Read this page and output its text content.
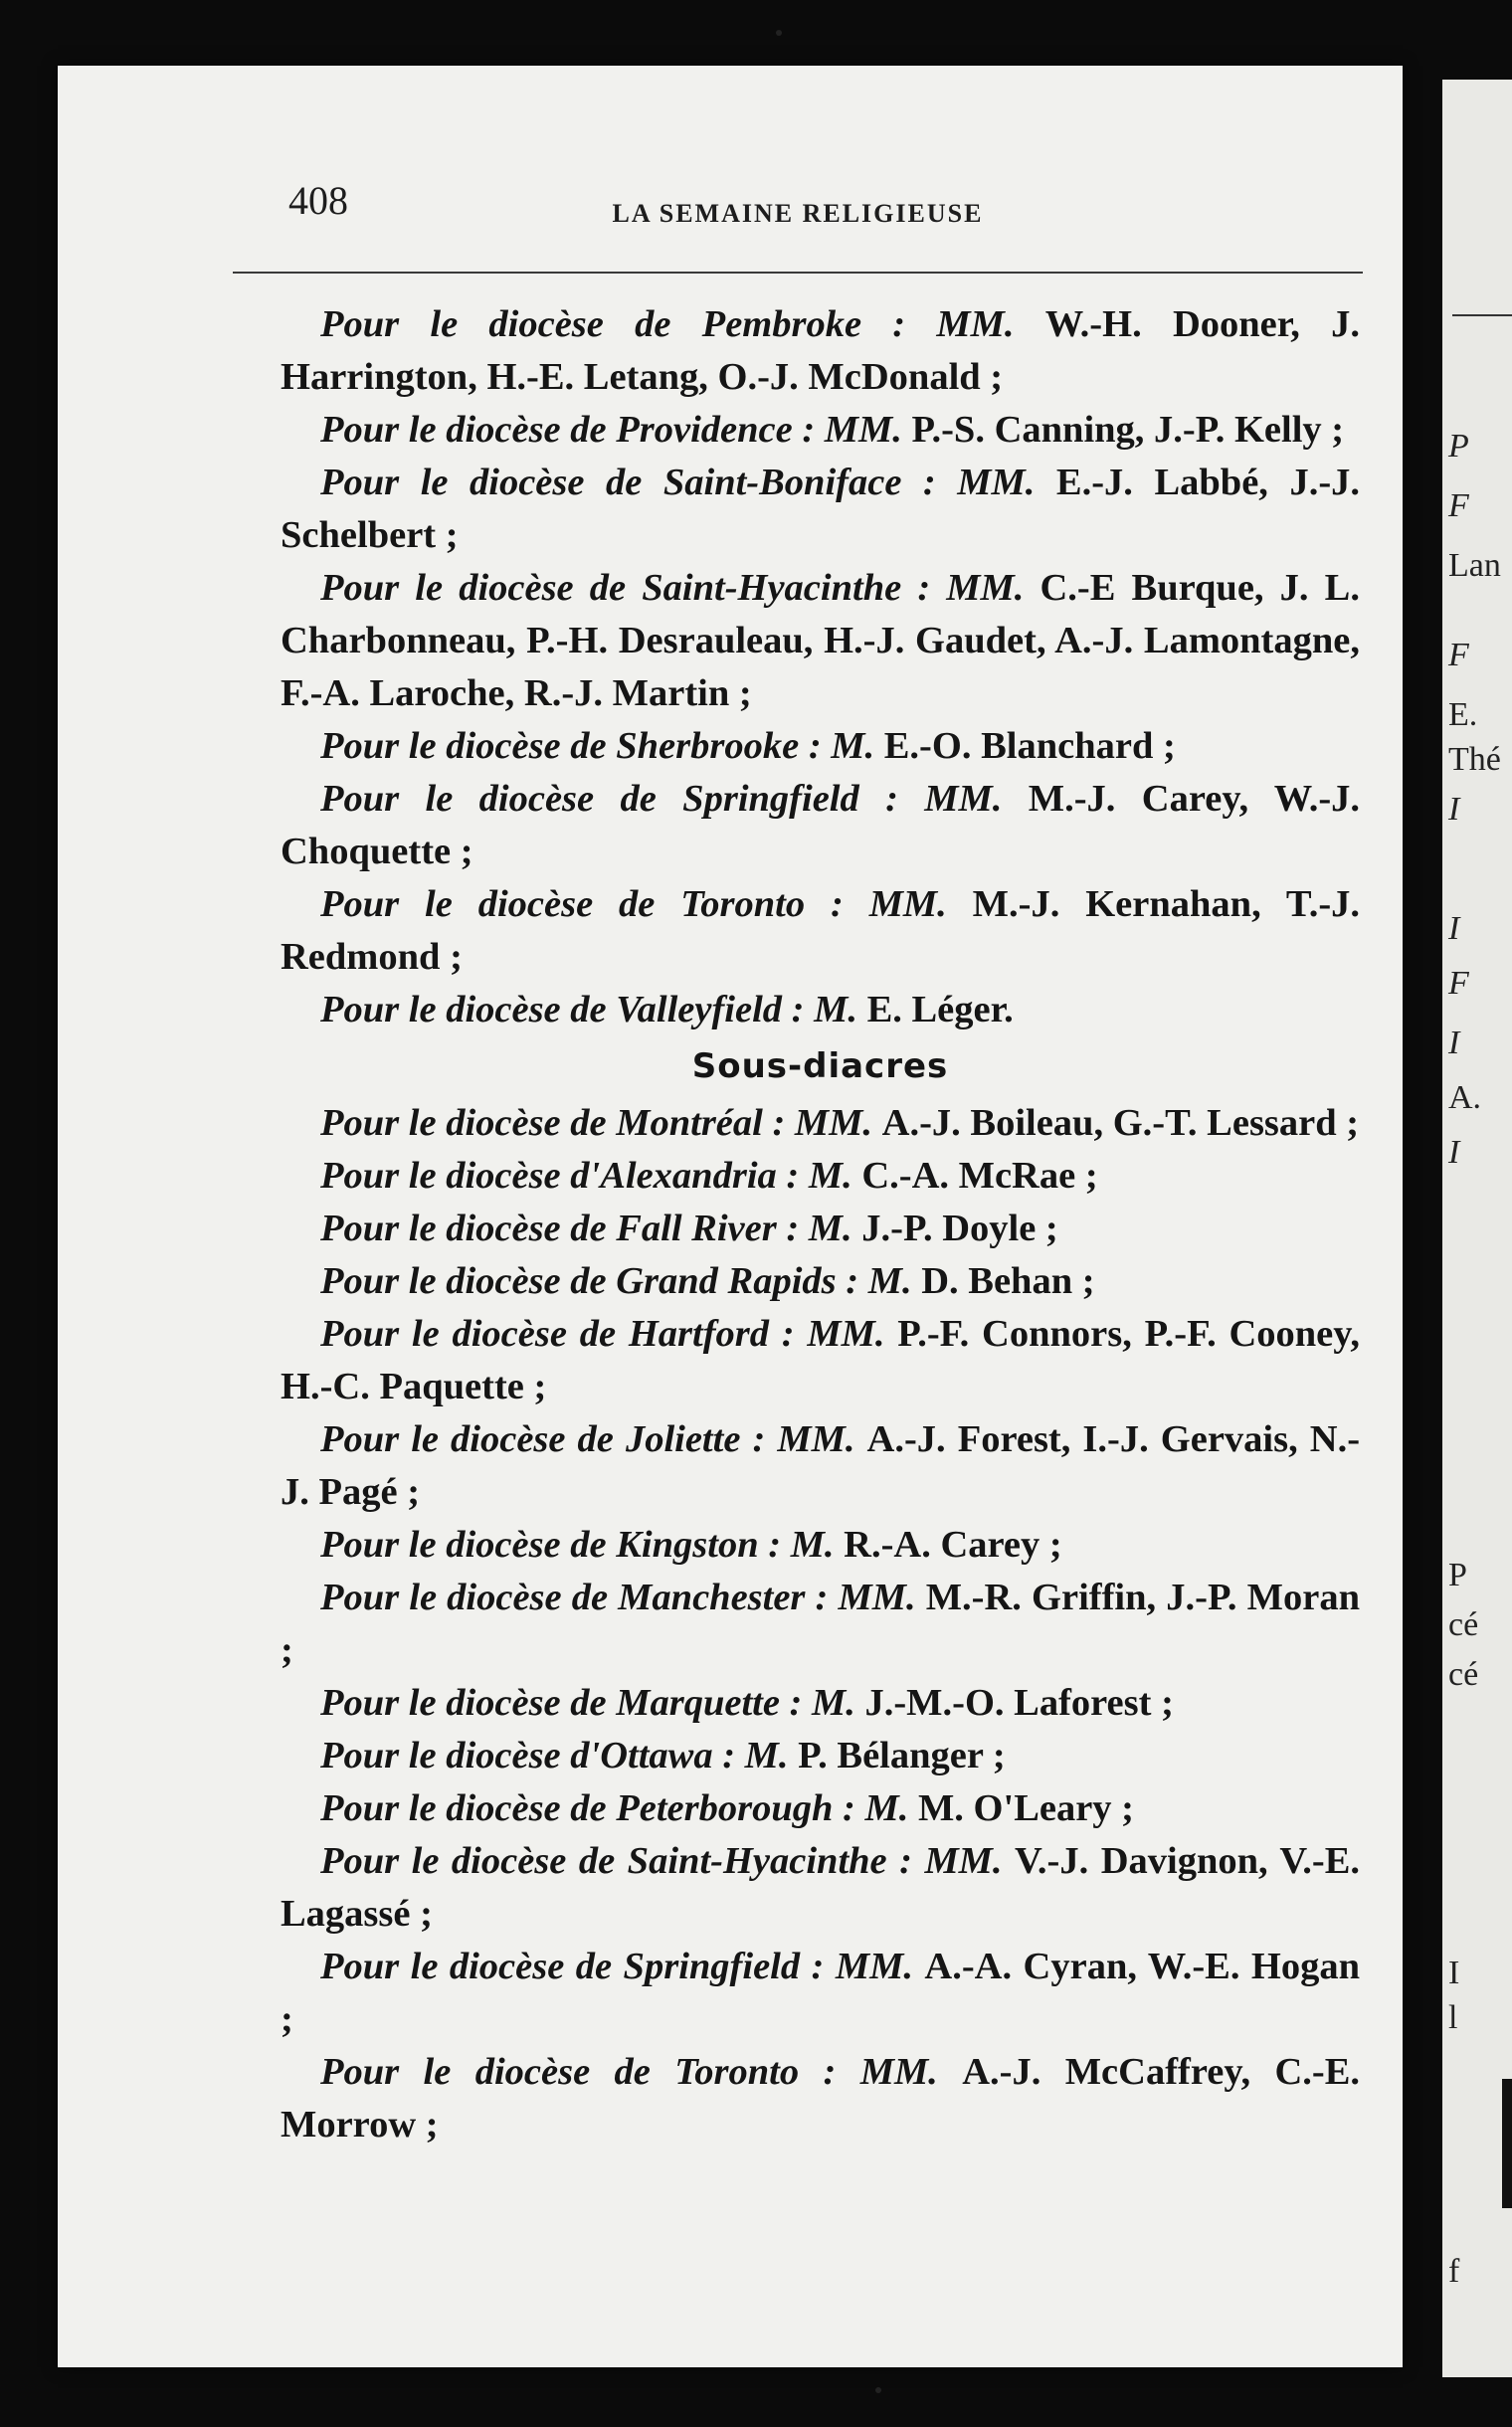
P
F
Lan
F
E.
Thé
I
I
F
I
A.
I
P
cé
cé
I
l
f
408	LA SEMAINE RELIGIEUSE

Pour le diocèse de Pembroke : MM. W.-H. Dooner, J. Harrington, H.-E. Letang, O.-J. McDonald ;

Pour le diocèse de Providence : MM. P.-S. Canning, J.-P. Kelly ;

Pour le diocèse de Saint-Boniface : MM. E.-J. Labbé, J.-J. Schelbert ;

Pour le diocèse de Saint-Hyacinthe : MM. C.-E Burque, J. L. Charbonneau, P.-H. Desrauleau, H.-J. Gaudet, A.-J. Lamontagne, F.-A. Laroche, R.-J. Martin ;

Pour le diocèse de Sherbrooke : M. E.-O. Blanchard ;

Pour le diocèse de Springfield : MM. M.-J. Carey, W.-J. Choquette ;

Pour le diocèse de Toronto : MM. M.-J. Kernahan, T.-J. Redmond ;

Pour le diocèse de Valleyfield : M. E. Léger.

Sous-diacres

Pour le diocèse de Montréal : MM. A.-J. Boileau, G.-T. Lessard ;

Pour le diocèse d'Alexandria : M. C.-A. McRae ;

Pour le diocèse de Fall River : M. J.-P. Doyle ;

Pour le diocèse de Grand Rapids : M. D. Behan ;

Pour le diocèse de Hartford : MM. P.-F. Connors, P.-F. Cooney, H.-C. Paquette ;

Pour le diocèse de Joliette : MM. A.-J. Forest, I.-J. Gervais, N.-J. Pagé ;

Pour le diocèse de Kingston : M. R.-A. Carey ;

Pour le diocèse de Manchester : MM. M.-R. Griffin, J.-P. Moran ;

Pour le diocèse de Marquette : M. J.-M.-O. Laforest ;

Pour le diocèse d'Ottawa : M. P. Bélanger ;

Pour le diocèse de Peterborough : M. M. O'Leary ;

Pour le diocèse de Saint-Hyacinthe : MM. V.-J. Davignon, V.-E. Lagassé ;

Pour le diocèse de Springfield : MM. A.-A. Cyran, W.-E. Hogan ;

Pour le diocèse de Toronto : MM. A.-J. McCaffrey, C.-E. Morrow ;
